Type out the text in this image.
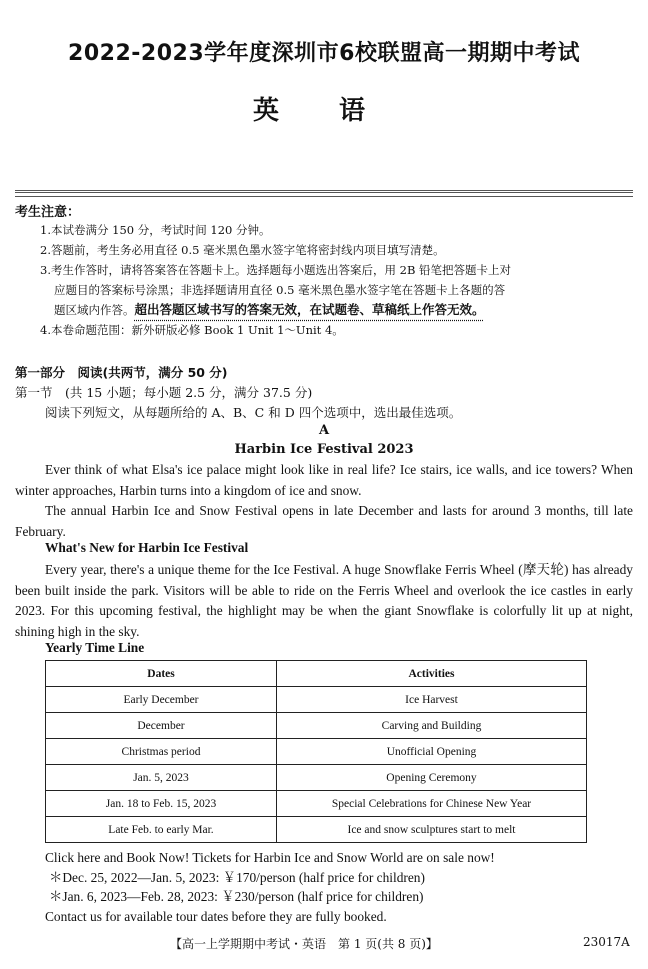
2022-2023学年度深圳市6校联盟高一期期中考试
英语
考生注意：
1.本试卷满分 150 分，考试时间 120 分钟。
2.答题前，考生务必用直径 0.5 毫米黑色墨水签字笔将密封线内项目填写清楚。
3.考生作答时，请将答案答在答题卡上。选择题每小题选出答案后，用 2B 铅笔把答题卡上对
应题目的答案标号涂黑；非选择题请用直径 0.5 毫米黑色墨水签字笔在答题卡上各题的答
题区域内作答。超出答题区域书写的答案无效，在试题卷、草稿纸上作答无效。
4.本卷命题范围：新外研版必修 Book 1 Unit 1～Unit 4。
第一部分　阅读(共两节，满分 50 分)
第一节　(共 15 小题；每小题 2.5 分，满分 37.5 分)
阅读下列短文，从每题所给的 A、B、C 和 D 四个选项中，选出最佳选项。
A
Harbin Ice Festival 2023

Ever think of what Elsa's ice palace might look like in real life? Ice stairs, ice walls, and ice towers? When winter approaches, Harbin turns into a kingdom of ice and snow.

The annual Harbin Ice and Snow Festival opens in late December and lasts for around 3 months, till late February.

What's New for Harbin Ice Festival

Every year, there's a unique theme for the Ice Festival. A huge Snowflake Ferris Wheel (摩天轮) has already been built inside the park. Visitors will be able to ride on the Ferris Wheel and overlook the ice castles in early 2023. For this upcoming festival, the highlight may be when the giant Snowflake is colorfully lit up at night, shining high in the sky.

Yearly Time Line
Dates	Activities
Early December	Ice Harvest
December	Carving and Building
Christmas period	Unofficial Opening
Jan. 5, 2023	Opening Ceremony
Jan. 18 to Feb. 15, 2023	Special Celebrations for Chinese New Year
Late Feb. to early Mar.	Ice and snow sculptures start to melt
Click here and Book Now! Tickets for Harbin Ice and Snow World are on sale now!
＊Dec. 25, 2022—Jan. 5, 2023: ￥170/person (half price for children)
＊Jan. 6, 2023—Feb. 28, 2023: ￥230/person (half price for children)
Contact us for available tour dates before they are fully booked.
【高一上学期期中考试・英语　第 1 页(共 8 页)】	23017A
